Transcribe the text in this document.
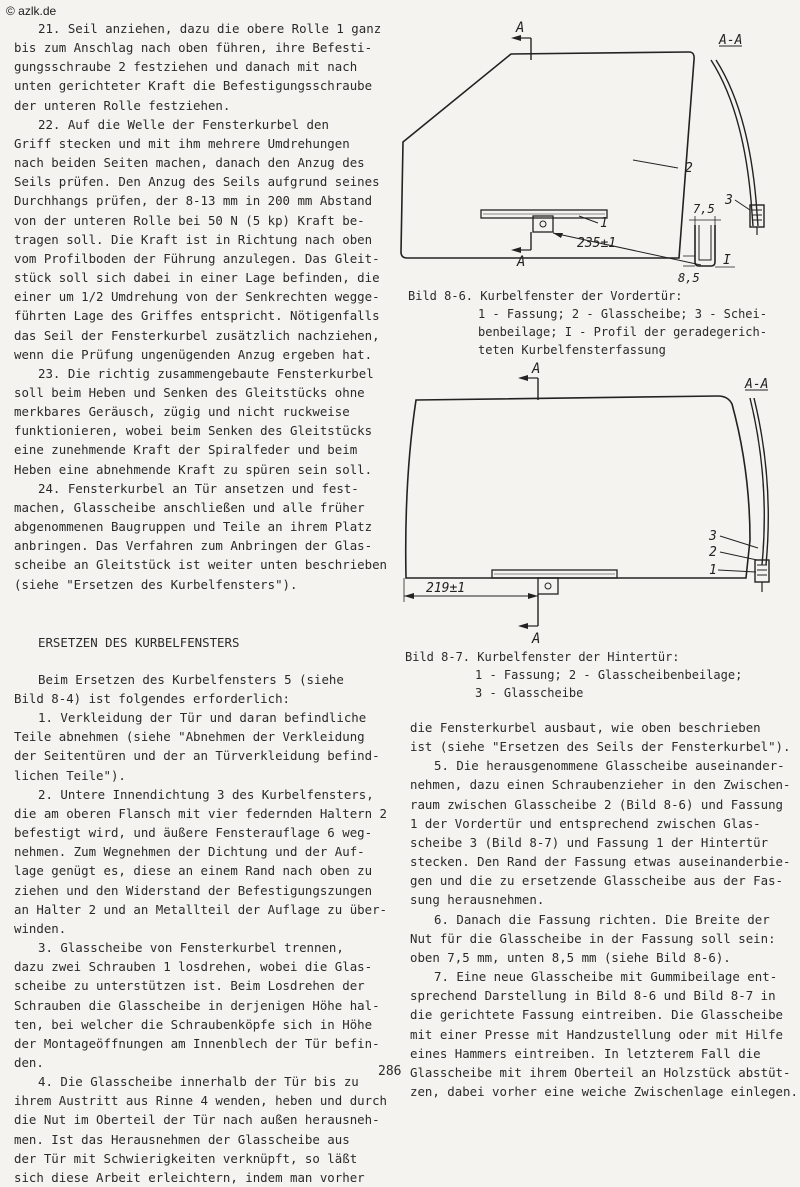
© azlk.de

21. Seil anziehen, dazu die obere Rolle 1 ganz

bis zum Anschlag nach oben führen, ihre Befesti-

gungsschraube 2 festziehen und danach mit nach

unten gerichteter Kraft die Befestigungsschraube

der unteren Rolle festziehen.

22. Auf die Welle der Fensterkurbel den

Griff stecken und mit ihm mehrere Umdrehungen

nach beiden Seiten machen, danach den Anzug des

Seils prüfen. Den Anzug des Seils aufgrund seines

Durchhangs prüfen, der 8-13 mm in 200 mm Abstand

von der unteren Rolle bei 50 N (5 kp) Kraft be-

tragen soll. Die Kraft ist in Richtung nach oben

vom Profilboden der Führung anzulegen. Das Gleit-

stück soll sich dabei in einer Lage befinden, die

einer um 1/2 Umdrehung von der Senkrechten wegge-

führten Lage des Griffes entspricht. Nötigenfalls

das Seil der Fensterkurbel zusätzlich nachziehen,

wenn die Prüfung ungenügenden Anzug ergeben hat.

23. Die richtig zusammengebaute Fensterkurbel

soll beim Heben und Senken des Gleitstücks ohne

merkbares Geräusch, zügig und nicht ruckweise

funktionieren, wobei beim Senken des Gleitstücks

eine zunehmende Kraft der Spiralfeder und beim

Heben eine abnehmende Kraft zu spüren sein soll.

24. Fensterkurbel an Tür ansetzen und fest-

machen, Glasscheibe anschließen und alle früher

abgenommenen Baugruppen und Teile an ihrem Platz

anbringen. Das Verfahren zum Anbringen der Glas-

scheibe an Gleitstück ist weiter unten beschrieben

(siehe "Ersetzen des Kurbelfensters").

ERSETZEN DES KURBELFENSTERS

Beim Ersetzen des Kurbelfensters 5 (siehe

Bild 8-4) ist folgendes erforderlich:

1. Verkleidung der Tür und daran befindliche

Teile abnehmen (siehe "Abnehmen der Verkleidung

der Seitentüren und der an Türverkleidung befind-

lichen Teile").

2. Untere Innendichtung 3 des Kurbelfensters,

die am oberen Flansch mit vier federnden Haltern 2

befestigt wird, und äußere Fensterauflage 6 weg-

nehmen. Zum Wegnehmen der Dichtung und der Auf-

lage genügt es, diese an einem Rand nach oben zu

ziehen und den Widerstand der Befestigungszungen

an Halter 2 und an Metallteil der Auflage zu über-

winden.

3. Glasscheibe von Fensterkurbel trennen,

dazu zwei Schrauben 1 losdrehen, wobei die Glas-

scheibe zu unterstützen ist. Beim Losdrehen der

Schrauben die Glasscheibe in derjenigen Höhe hal-

ten, bei welcher die Schraubenköpfe sich in Höhe

der Montageöffnungen am Innenblech der Tür befin-

den.

4. Die Glasscheibe innerhalb der Tür bis zu

ihrem Austritt aus Rinne 4 wenden, heben und durch

die Nut im Oberteil der Tür nach außen herausneh-

men. Ist das Herausnehmen der Glasscheibe aus

der Tür mit Schwierigkeiten verknüpft, so läßt

sich diese Arbeit erleichtern, indem man vorher

A
A-A
A
1
2
235±1
3
7,5
8,5
I
Bild 8-6. Kurbelfenster der Vordertür:
1 - Fassung; 2 - Glasscheibe; 3 - Schei-
benbeilage; I - Profil der geradegerich-
teten Kurbelfensterfassung
A
A-A
A
219±1
3
2
1
Bild 8-7. Kurbelfenster der Hintertür:
1 - Fassung; 2 - Glasscheibenbeilage;
3 - Glasscheibe

die Fensterkurbel ausbaut, wie oben beschrieben

ist (siehe "Ersetzen des Seils der Fensterkurbel").

5. Die herausgenommene Glasscheibe auseinander-

nehmen, dazu einen Schraubenzieher in den Zwischen-

raum zwischen Glasscheibe 2 (Bild 8-6) und Fassung

1 der Vordertür und entsprechend zwischen Glas-

scheibe 3 (Bild 8-7) und Fassung 1 der Hintertür

stecken. Den Rand der Fassung etwas auseinanderbie-

gen und die zu ersetzende Glasscheibe aus der Fas-

sung herausnehmen.

6. Danach die Fassung richten. Die Breite der

Nut für die Glasscheibe in der Fassung soll sein:

oben 7,5 mm, unten 8,5 mm (siehe Bild 8-6).

7. Eine neue Glasscheibe mit Gummibeilage ent-

sprechend Darstellung in Bild 8-6 und Bild 8-7 in

die gerichtete Fassung eintreiben. Die Glasscheibe

mit einer Presse mit Handzustellung oder mit Hilfe

eines Hammers eintreiben. In letzterem Fall die

Glasscheibe mit ihrem Oberteil an Holzstück abstüt-

zen, dabei vorher eine weiche Zwischenlage einlegen.

286
